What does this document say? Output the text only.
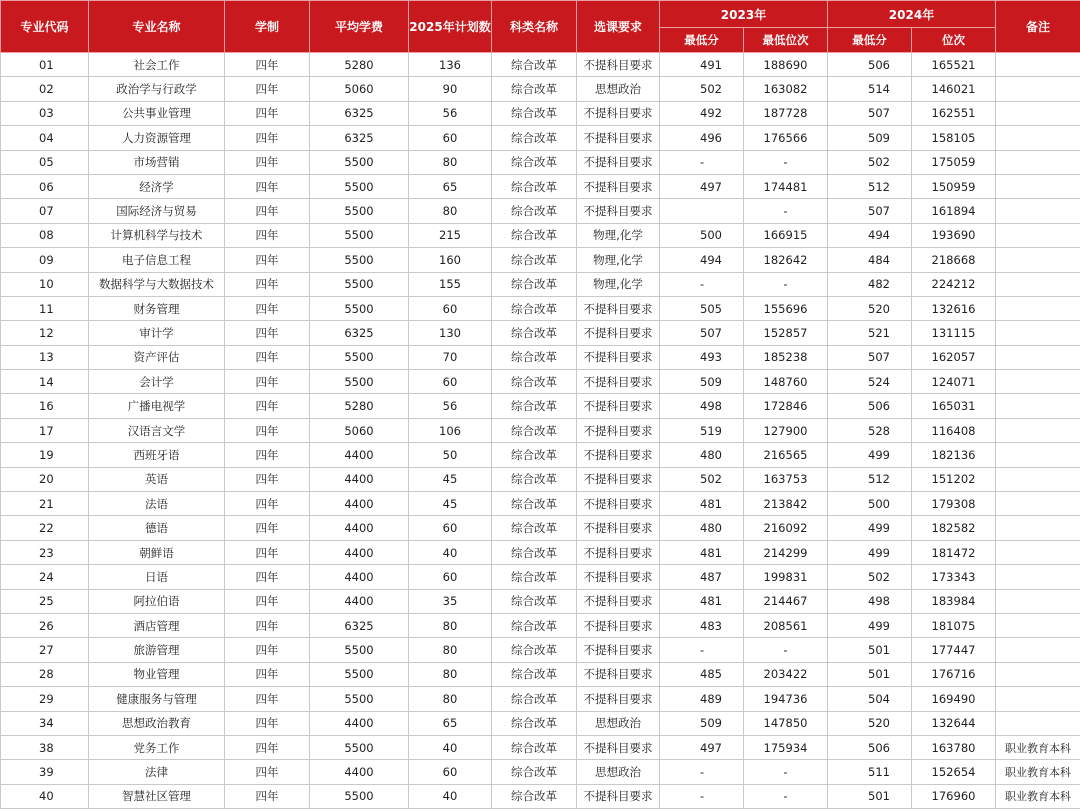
专业代码	专业名称	学制	平均学费	2025年计划数	科类名称	选课要求	2023年		2024年		备注
							最低分	最低位次	最低分	位次	
01	社会工作	四年	5280	136	综合改革	不提科目要求	491	188690	506	165521	
02	政治学与行政学	四年	5060	90	综合改革	思想政治	502	163082	514	146021	
03	公共事业管理	四年	6325	56	综合改革	不提科目要求	492	187728	507	162551	
04	人力资源管理	四年	6325	60	综合改革	不提科目要求	496	176566	509	158105	
05	市场营销	四年	5500	80	综合改革	不提科目要求	-	-	502	175059	
06	经济学	四年	5500	65	综合改革	不提科目要求	497	174481	512	150959	
07	国际经济与贸易	四年	5500	80	综合改革	不提科目要求		-	507	161894	
08	计算机科学与技术	四年	5500	215	综合改革	物理,化学	500	166915	494	193690	
09	电子信息工程	四年	5500	160	综合改革	物理,化学	494	182642	484	218668	
10	数据科学与大数据技术	四年	5500	155	综合改革	物理,化学	-	-	482	224212	
11	财务管理	四年	5500	60	综合改革	不提科目要求	505	155696	520	132616	
12	审计学	四年	6325	130	综合改革	不提科目要求	507	152857	521	131115	
13	资产评估	四年	5500	70	综合改革	不提科目要求	493	185238	507	162057	
14	会计学	四年	5500	60	综合改革	不提科目要求	509	148760	524	124071	
16	广播电视学	四年	5280	56	综合改革	不提科目要求	498	172846	506	165031	
17	汉语言文学	四年	5060	106	综合改革	不提科目要求	519	127900	528	116408	
19	西班牙语	四年	4400	50	综合改革	不提科目要求	480	216565	499	182136	
20	英语	四年	4400	45	综合改革	不提科目要求	502	163753	512	151202	
21	法语	四年	4400	45	综合改革	不提科目要求	481	213842	500	179308	
22	德语	四年	4400	60	综合改革	不提科目要求	480	216092	499	182582	
23	朝鲜语	四年	4400	40	综合改革	不提科目要求	481	214299	499	181472	
24	日语	四年	4400	60	综合改革	不提科目要求	487	199831	502	173343	
25	阿拉伯语	四年	4400	35	综合改革	不提科目要求	481	214467	498	183984	
26	酒店管理	四年	6325	80	综合改革	不提科目要求	483	208561	499	181075	
27	旅游管理	四年	5500	80	综合改革	不提科目要求	-	-	501	177447	
28	物业管理	四年	5500	80	综合改革	不提科目要求	485	203422	501	176716	
29	健康服务与管理	四年	5500	80	综合改革	不提科目要求	489	194736	504	169490	
34	思想政治教育	四年	4400	65	综合改革	思想政治	509	147850	520	132644	
38	党务工作	四年	5500	40	综合改革	不提科目要求	497	175934	506	163780	职业教育本科
39	法律	四年	4400	60	综合改革	思想政治	-	-	511	152654	职业教育本科
40	智慧社区管理	四年	5500	40	综合改革	不提科目要求	-	-	501	176960	职业教育本科
